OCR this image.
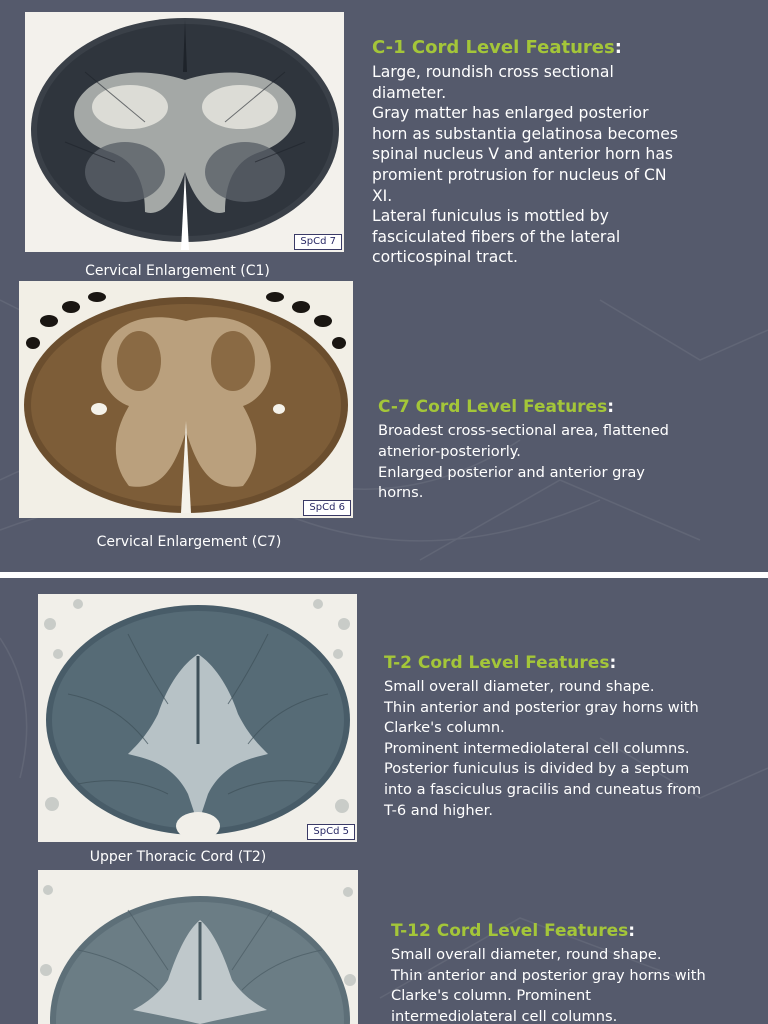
SpCd 7
Cervical Enlargement (C1)
C-1 Cord Level Features:
Large, roundish cross sectional
diameter.
Gray matter has enlarged posterior
horn as substantia gelatinosa becomes
spinal nucleus V and anterior horn has
promient protrusion for nucleus of CN
XI.
Lateral funiculus is mottled by
fasciculated fibers of the lateral
corticospinal tract.
SpCd 6
Cervical Enlargement (C7)
C-7 Cord Level Features:
Broadest cross-sectional area, flattened
atnerior-posteriorly.
Enlarged posterior and anterior gray
horns.
SpCd 5
Upper Thoracic Cord (T2)
T-2 Cord Level Features:
Small overall diameter, round shape.
Thin anterior and posterior gray horns with
Clarke's column.
Prominent intermediolateral cell columns.
Posterior funiculus is divided by a septum
into a fasciculus gracilis and cuneatus from
T-6 and higher.
T-12 Cord Level Features:
Small overall diameter, round shape.
Thin anterior and posterior gray horns with
Clarke's column. Prominent
intermediolateral cell columns.
